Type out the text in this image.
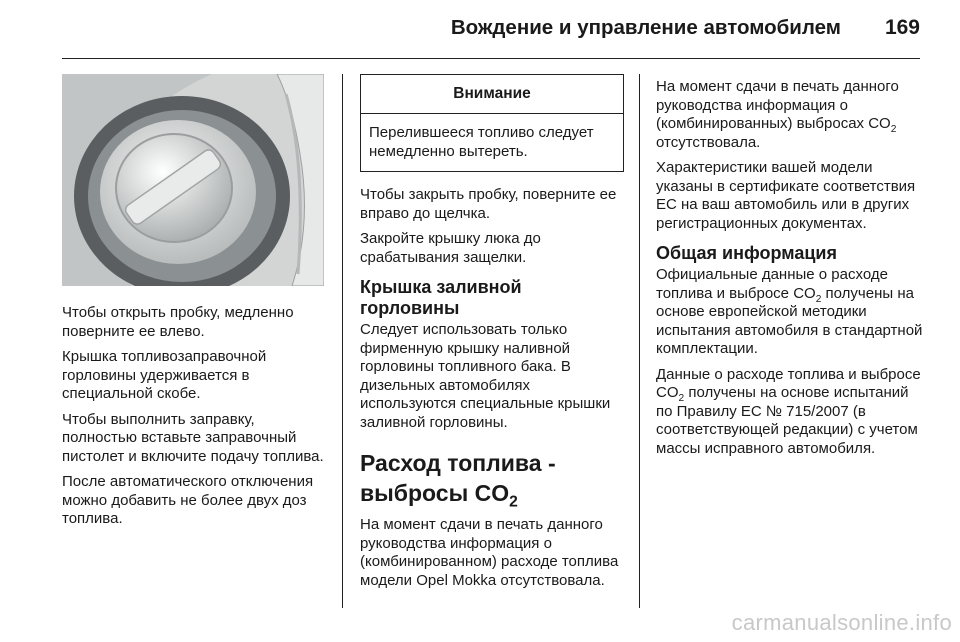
Вождение и управление автомобилем 169

Чтобы открыть пробку, медленно поверните ее влево.

Крышка топливозаправочной горловины удерживается в специальной скобе.

Чтобы выполнить заправку, полностью вставьте заправочный пистолет и включите подачу топлива.

После автоматического отключения можно добавить не более двух доз топлива.

Внимание
Перелившееся топливо следует немедленно вытереть.

Чтобы закрыть пробку, поверните ее вправо до щелчка.

Закройте крышку люка до срабатывания защелки.

Крышка заливной горловины

Следует использовать только фирменную крышку наливной горловины топливного бака. В дизельных автомобилях используются специальные крышки заливной горловины.

Расход топлива -
выбросы $CO_2$

На момент сдачи в печать данного руководства информация о (комбинированном) расходе топлива модели Opel Mokka отсутствовала.

На момент сдачи в печать данного руководства информация о (комбинированных) выбросах $CO_2$ отсутствовала.

Характеристики вашей модели указаны в сертификате соответствия ЕС на ваш автомобиль или в других регистрационных документах.

Общая информация

Официальные данные о расходе топлива и выбросе $CO_2$ получены на основе европейской методики испытания автомобиля в стандартной комплектации.

Данные о расходе топлива и выбросе $CO_2$ получены на основе испытаний по Правилу ЕС № 715/2007 (в соответствующей редакции) с учетом массы исправного автомобиля.

carmanualsonline.info
